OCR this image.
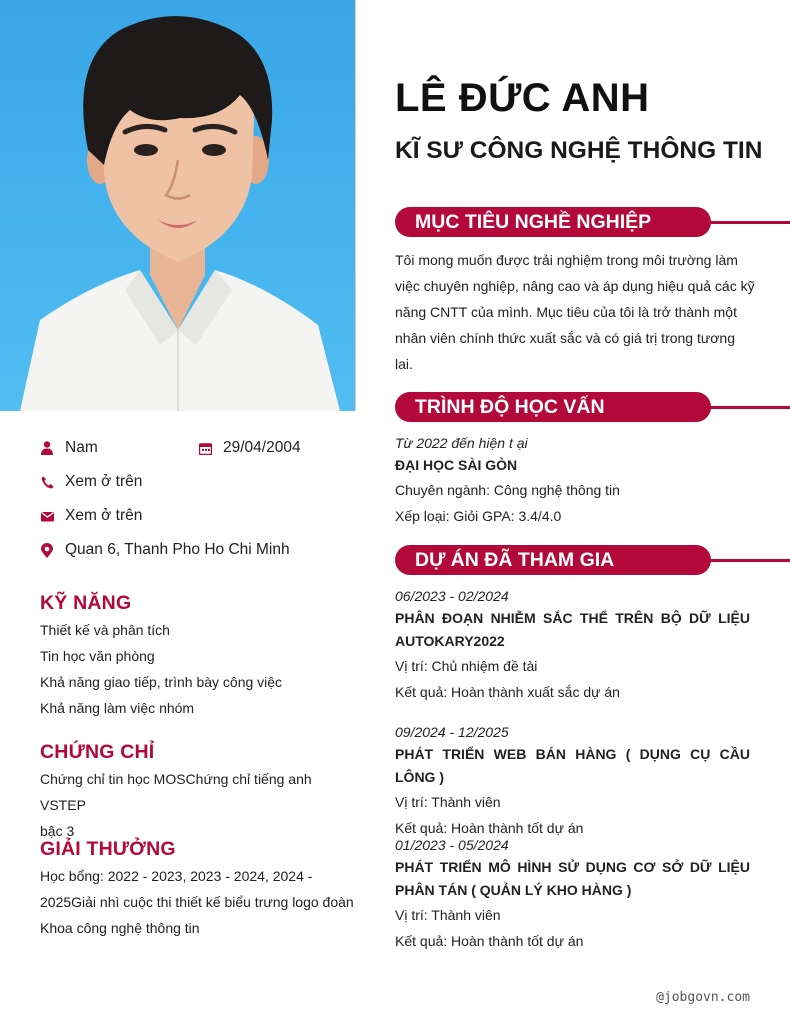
Nam	29/04/2004
Xem ở trên
Xem ở trên
Quan 6, Thanh Pho Ho Chi Minh
KỸ NĂNG
Thiết kế và phân tích
Tin học văn phòng
Khả năng giao tiếp, trình bày công việc
Khả năng làm việc nhóm
CHỨNG CHỈ
Chứng chỉ tin học MOSChứng chỉ tiếng anh VSTEP
bậc 3
GIẢI THƯỞNG
Học bổng: 2022 - 2023, 2023 - 2024, 2024 -
2025Giải nhì cuộc thi thiết kế biểu trưng logo đoàn
Khoa công nghệ thông tin
LÊ ĐỨC ANH
KĨ SƯ CÔNG NGHỆ THÔNG TIN
MỤC TIÊU NGHỀ NGHIỆP
Tôi mong muốn được trải nghiệm trong môi trường làm
việc chuyên nghiệp, nâng cao và áp dụng hiệu quả các kỹ
năng CNTT của mình. Mục tiêu của tôi là trở thành một
nhân viên chính thức xuất sắc và có giá trị trong tương
lai.
TRÌNH ĐỘ HỌC VẤN
Từ 2022 đến hiện t ại
ĐẠI HỌC SÀI GÒN
Chuyên ngành: Công nghệ thông tin
Xếp loại: Giỏi GPA: 3.4/4.0
DỰ ÁN ĐÃ THAM GIA
06/2023 - 02/2024
PHÂN ĐOẠN NHIỄM SẮC THỂ TRÊN BỘ DỮ LIỆU AUTOKARY2022
Vị trí: Chủ nhiệm đề tài
Kết quả: Hoàn thành xuất sắc dự án
09/2024 - 12/2025
PHÁT TRIỂN WEB BÁN HÀNG ( DỤNG CỤ CẦU LÔNG )
Vị trí: Thành viên
Kết quả: Hoàn thành tốt dự án
01/2023 - 05/2024
PHÁT TRIỂN MÔ HÌNH SỬ DỤNG CƠ SỞ DỮ LIỆU PHÂN TÁN ( QUẢN LÝ KHO HÀNG )
Vị trí: Thành viên
Kết quả: Hoàn thành tốt dự án
@jobgovn.com
